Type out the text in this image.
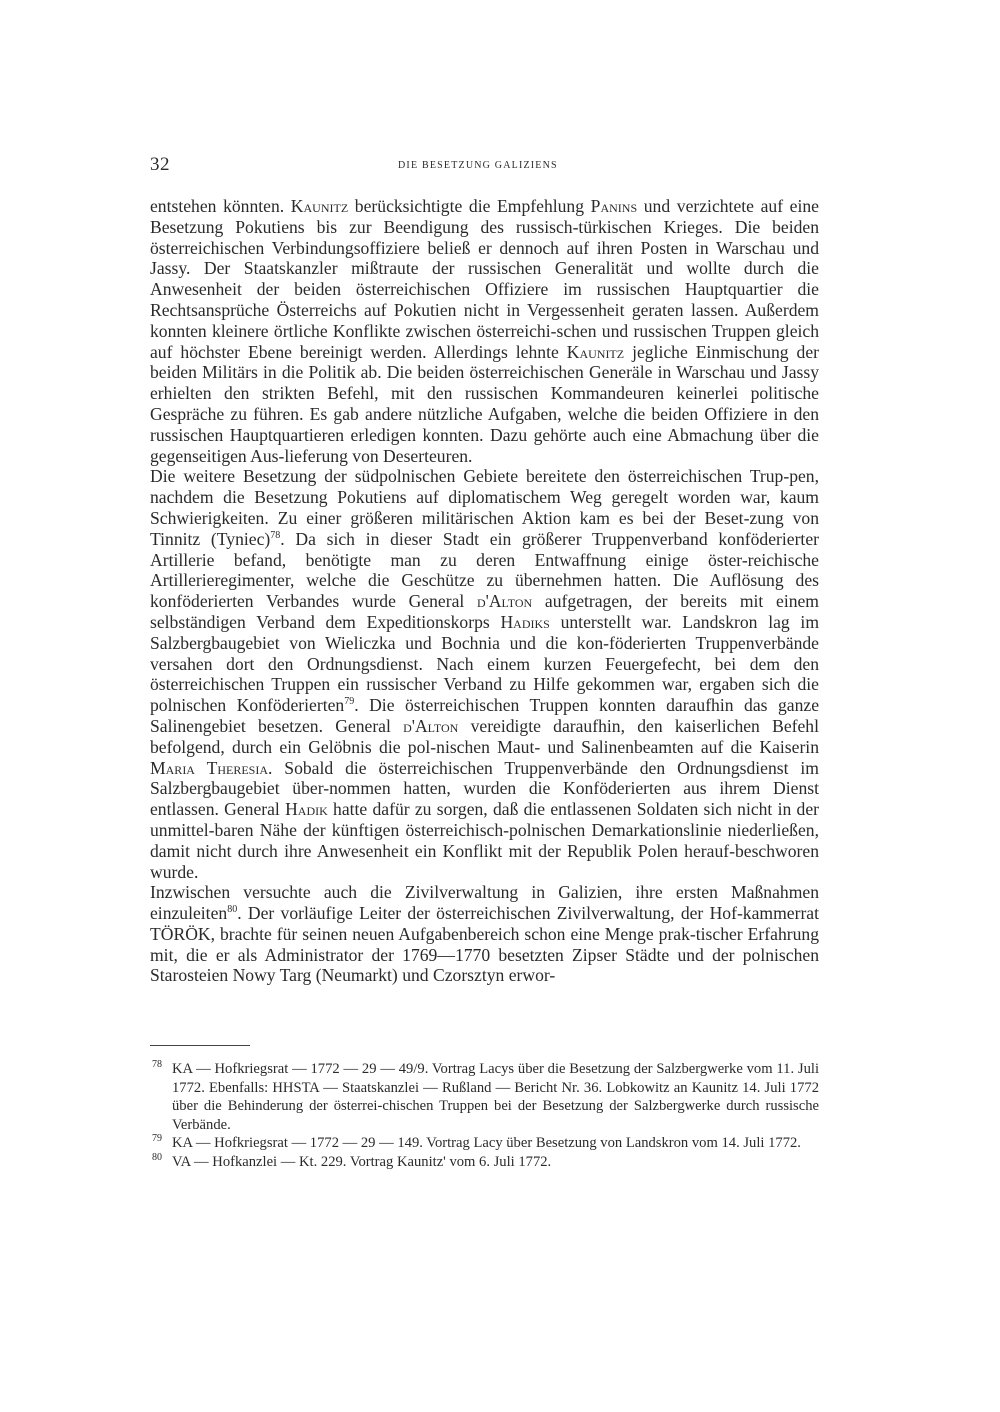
32	DIE BESETZUNG GALIZIENS

entstehen könnten. Kaunitz berücksichtigte die Empfehlung Panins und verzichtete auf eine Besetzung Pokutiens bis zur Beendigung des russisch-türkischen Krieges. Die beiden österreichischen Verbindungsoffiziere beließ er dennoch auf ihren Posten in Warschau und Jassy. Der Staatskanzler mißtraute der russischen Generalität und wollte durch die Anwesenheit der beiden österreichischen Offiziere im russischen Hauptquartier die Rechtsansprüche Österreichs auf Pokutien nicht in Vergessenheit geraten lassen. Außerdem konnten kleinere örtliche Konflikte zwischen österreichi-schen und russischen Truppen gleich auf höchster Ebene bereinigt werden. Allerdings lehnte Kaunitz jegliche Einmischung der beiden Militärs in die Politik ab. Die beiden österreichischen Generäle in Warschau und Jassy erhielten den strikten Befehl, mit den russischen Kommandeuren keinerlei politische Gespräche zu führen. Es gab andere nützliche Aufgaben, welche die beiden Offiziere in den russischen Hauptquartieren erledigen konnten. Dazu gehörte auch eine Abmachung über die gegenseitigen Aus-lieferung von Deserteuren.

Die weitere Besetzung der südpolnischen Gebiete bereitete den österreichischen Trup-pen, nachdem die Besetzung Pokutiens auf diplomatischem Weg geregelt worden war, kaum Schwierigkeiten. Zu einer größeren militärischen Aktion kam es bei der Beset-zung von Tinnitz (Tyniec)$^{78}$. Da sich in dieser Stadt ein größerer Truppenverband konföderierter Artillerie befand, benötigte man zu deren Entwaffnung einige öster-reichische Artillerieregimenter, welche die Geschütze zu übernehmen hatten. Die Auflösung des konföderierten Verbandes wurde General d'Alton aufgetragen, der bereits mit einem selbständigen Verband dem Expeditionskorps Hadiks unterstellt war. Landskron lag im Salzbergbaugebiet von Wieliczka und Bochnia und die kon-föderierten Truppenverbände versahen dort den Ordnungsdienst. Nach einem kurzen Feuergefecht, bei dem den österreichischen Truppen ein russischer Verband zu Hilfe gekommen war, ergaben sich die polnischen Konföderierten$^{79}$. Die österreichischen Truppen konnten daraufhin das ganze Salinengebiet besetzen. General d'Alton vereidigte daraufhin, den kaiserlichen Befehl befolgend, durch ein Gelöbnis die pol-nischen Maut- und Salinenbeamten auf die Kaiserin Maria Theresia. Sobald die österreichischen Truppenverbände den Ordnungsdienst im Salzbergbaugebiet über-nommen hatten, wurden die Konföderierten aus ihrem Dienst entlassen. General Hadik hatte dafür zu sorgen, daß die entlassenen Soldaten sich nicht in der unmittel-baren Nähe der künftigen österreichisch-polnischen Demarkationslinie niederließen, damit nicht durch ihre Anwesenheit ein Konflikt mit der Republik Polen herauf-beschworen wurde.

Inzwischen versuchte auch die Zivilverwaltung in Galizien, ihre ersten Maßnahmen einzuleiten$^{80}$. Der vorläufige Leiter der österreichischen Zivilverwaltung, der Hof-kammerrat TÖRÖK, brachte für seinen neuen Aufgabenbereich schon eine Menge prak-tischer Erfahrung mit, die er als Administrator der 1769—1770 besetzten Zipser Städte und der polnischen Starosteien Nowy Targ (Neumarkt) und Czorsztyn erwor-

78 KA — Hofkriegsrat — 1772 — 29 — 49/9. Vortrag Lacys über die Besetzung der Salzbergwerke vom 11. Juli 1772. Ebenfalls: HHSTA — Staatskanzlei — Rußland — Bericht Nr. 36. Lobkowitz an Kaunitz 14. Juli 1772 über die Behinderung der österrei-chischen Truppen bei der Besetzung der Salzbergwerke durch russische Verbände.
79 KA — Hofkriegsrat — 1772 — 29 — 149. Vortrag Lacy über Besetzung von Landskron vom 14. Juli 1772.
80 VA — Hofkanzlei — Kt. 229. Vortrag Kaunitz' vom 6. Juli 1772.
